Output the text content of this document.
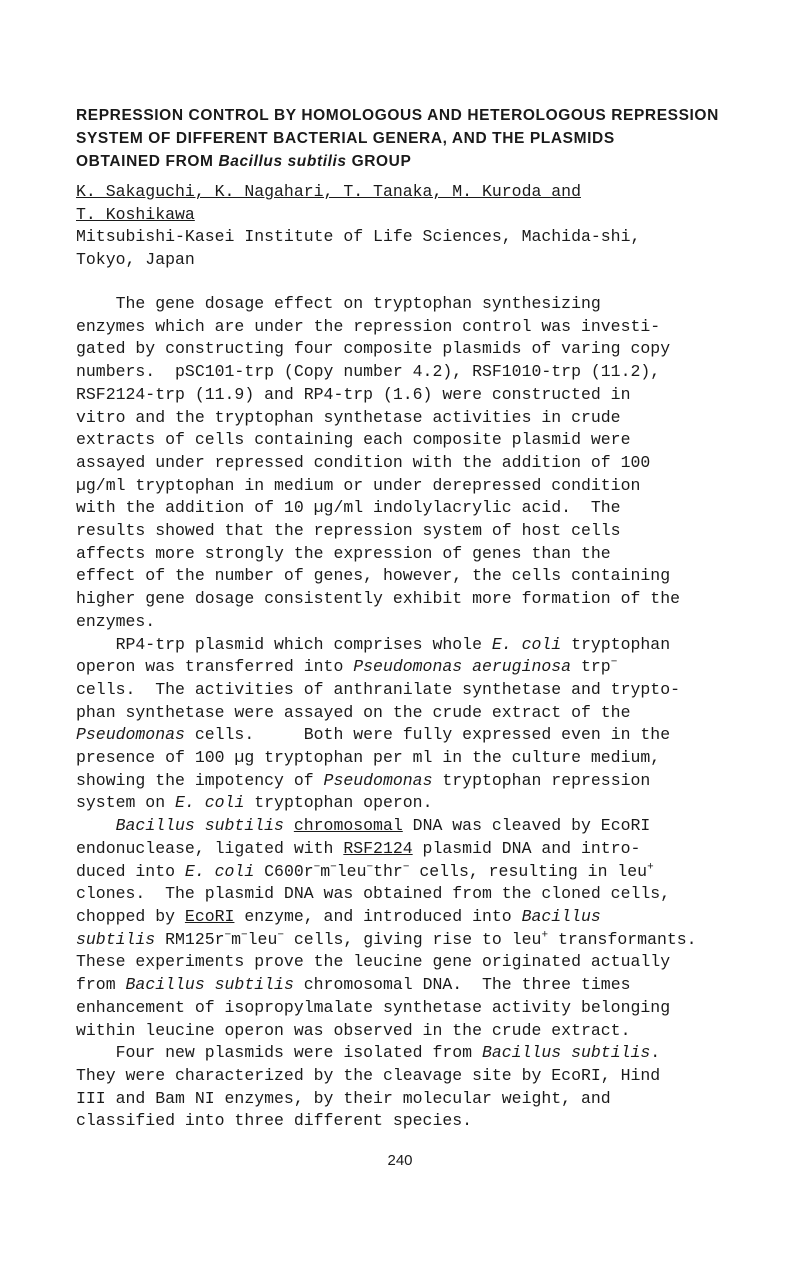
REPRESSION CONTROL BY HOMOLOGOUS AND HETEROLOGOUS REPRESSION
SYSTEM OF DIFFERENT BACTERIAL GENERA, AND THE PLASMIDS
OBTAINED FROM Bacillus subtilis GROUP
K. Sakaguchi, K. Nagahari, T. Tanaka, M. Kuroda and
T. Koshikawa
Mitsubishi-Kasei Institute of Life Sciences, Machida-shi,
Tokyo, Japan
The gene dosage effect on tryptophan synthesizing
enzymes which are under the repression control was investi-
gated by constructing four composite plasmids of varing copy
numbers.  pSC101-trp (Copy number 4.2), RSF1010-trp (11.2),
RSF2124-trp (11.9) and RP4-trp (1.6) were constructed in
vitro and the tryptophan synthetase activities in crude
extracts of cells containing each composite plasmid were
assayed under repressed condition with the addition of 100
µg/ml tryptophan in medium or under derepressed condition
with the addition of 10 µg/ml indolylacrylic acid.  The
results showed that the repression system of host cells
affects more strongly the expression of genes than the
effect of the number of genes, however, the cells containing
higher gene dosage consistently exhibit more formation of the
enzymes.
RP4-trp plasmid which comprises whole E. coli tryptophan
operon was transferred into Pseudomonas aeruginosa trp−
cells.  The activities of anthranilate synthetase and trypto-
phan synthetase were assayed on the crude extract of the
Pseudomonas cells.     Both were fully expressed even in the
presence of 100 µg tryptophan per ml in the culture medium,
showing the impotency of Pseudomonas tryptophan repression
system on E. coli tryptophan operon.
Bacillus subtilis chromosomal DNA was cleaved by EcoRI
endonuclease, ligated with RSF2124 plasmid DNA and intro-
duced into E. coli C600r−m−leu−thr− cells, resulting in leu+
clones.  The plasmid DNA was obtained from the cloned cells,
chopped by EcoRI enzyme, and introduced into Bacillus
subtilis RM125r−m−leu− cells, giving rise to leu+ transformants.
These experiments prove the leucine gene originated actually
from Bacillus subtilis chromosomal DNA.  The three times
enhancement of isopropylmalate synthetase activity belonging
within leucine operon was observed in the crude extract.
Four new plasmids were isolated from Bacillus subtilis.
They were characterized by the cleavage site by EcoRI, Hind
III and Bam NI enzymes, by their molecular weight, and
classified into three different species.
240
